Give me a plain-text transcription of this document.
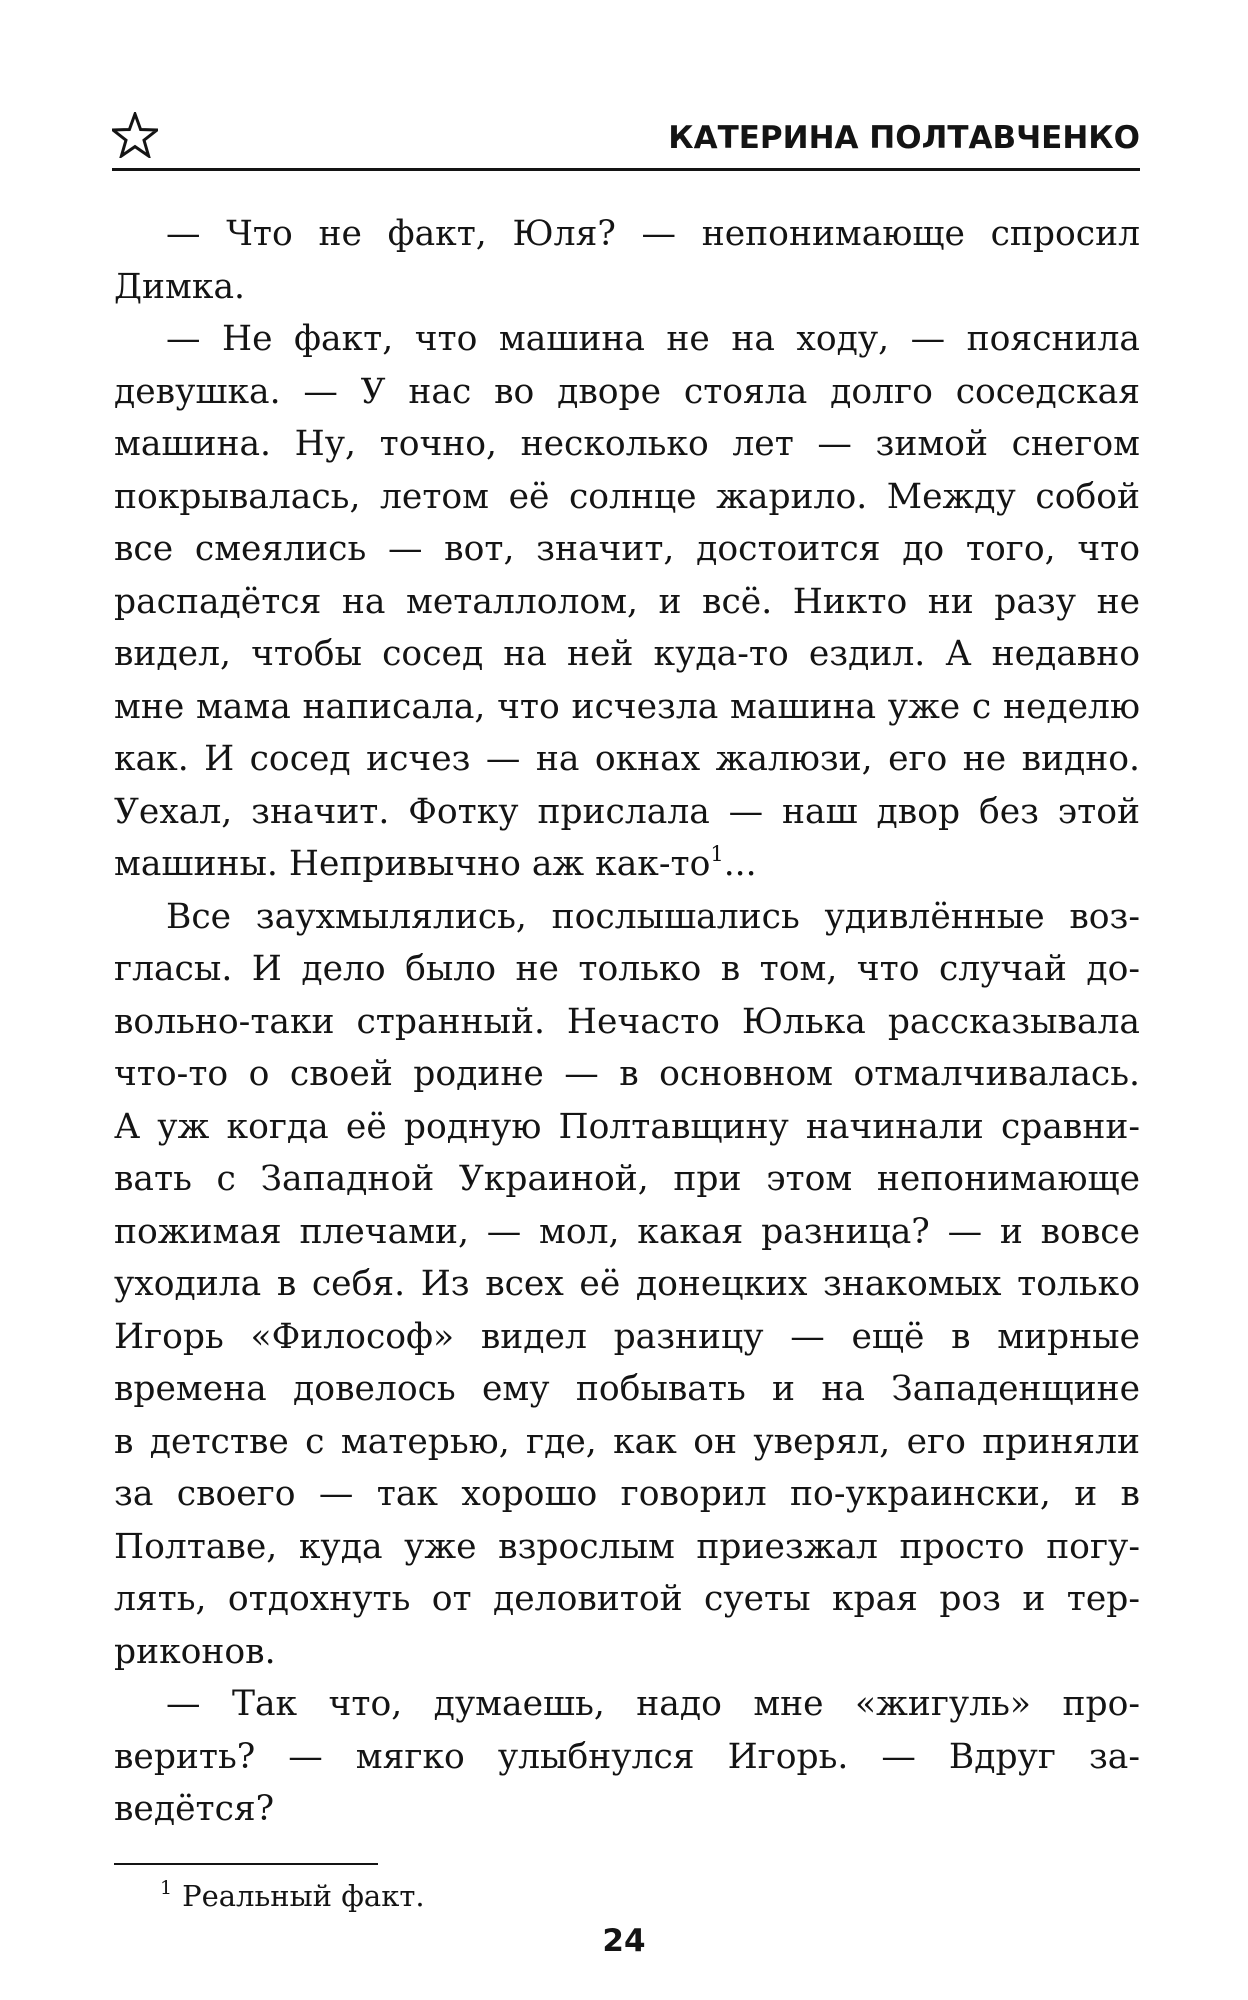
КАТЕРИНА ПОЛТАВЧЕНКО
— Что не факт, Юля? — непонимающе спросил
Димка.
— Не факт, что машина не на ходу, — пояснила
девушка. — У нас во дворе стояла долго соседская
машина. Ну, точно, несколько лет — зимой снегом
покрывалась, летом её солнце жарило. Между собой
все смеялись — вот, значит, достоится до того, что
распадётся на металлолом, и всё. Никто ни разу не
видел, чтобы сосед на ней куда-то ездил. А недавно
мне мама написала, что исчезла машина уже с неделю
как. И сосед исчез — на окнах жалюзи, его не видно.
Уехал, значит. Фотку прислала — наш двор без этой
машины. Непривычно аж как-$то^1$...
Все заухмылялись, послышались удивлённые воз-
гласы. И дело было не только в том, что случай до-
вольно-таки странный. Нечасто Юлька рассказывала
что-то о своей родине — в основном отмалчивалась.
А уж когда её родную Полтавщину начинали сравни-
вать с Западной Украиной, при этом непонимающе
пожимая плечами, — мол, какая разница? — и вовсе
уходила в себя. Из всех её донецких знакомых только
Игорь «Философ» видел разницу — ещё в мирные
времена довелось ему побывать и на Западенщине
в детстве с матерью, где, как он уверял, его приняли
за своего — так хорошо говорил по-украински, и в
Полтаве, куда уже взрослым приезжал просто погу-
лять, отдохнуть от деловитой суеты края роз и тер-
риконов.
— Так что, думаешь, надо мне «жигуль» про-
верить? — мягко улыбнулся Игорь. — Вдруг за-
ведётся?
$^1$ Реальный факт.
24
